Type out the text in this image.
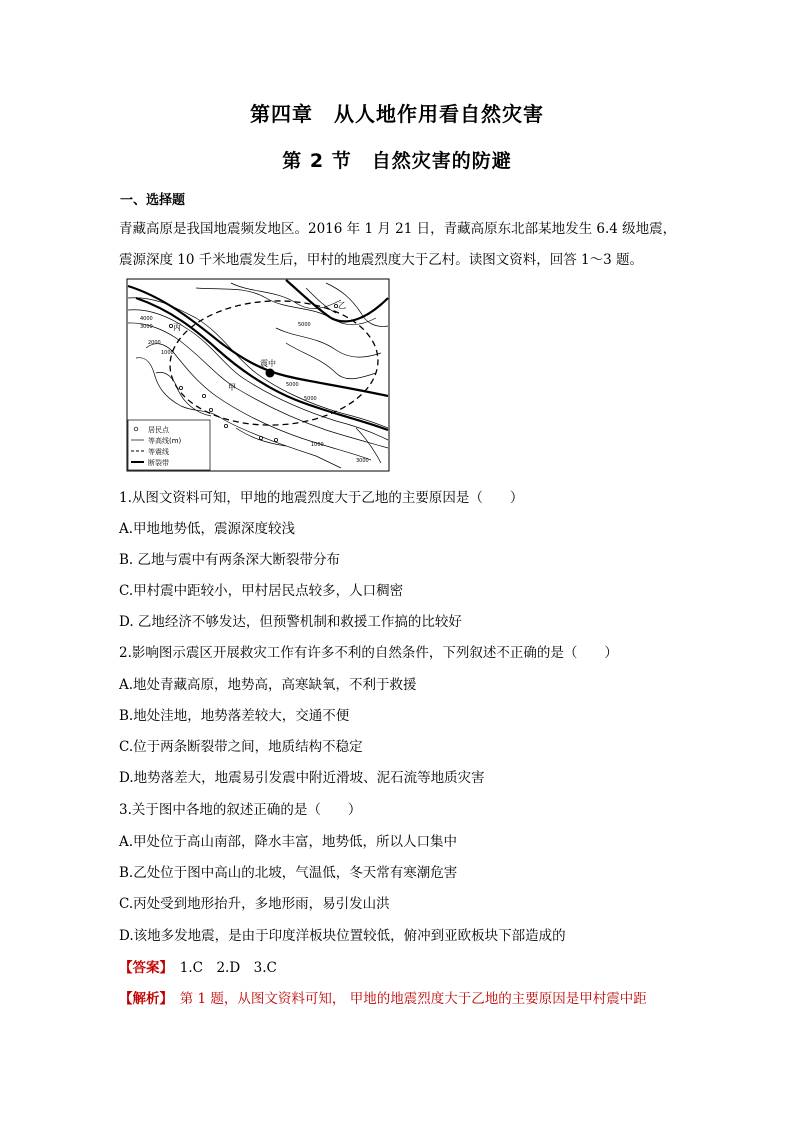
第四章　从人地作用看自然灾害
第 2 节　自然灾害的防避
一、选择题
青藏高原是我国地震频发地区。2016 年 1 月 21 日，青藏高原东北部某地发生 6.4 级地震，
震源深度 10 千米地震发生后，甲村的地震烈度大于乙村。读图文资料，回答 1～3 题。
乙
丙
甲
震中
4000
3000
2000
1000
5000
5000
5000
1000
3000
居民点
等高线(m)
等震线
断裂带
1.从图文资料可知，甲地的地震烈度大于乙地的主要原因是（　　）
A.甲地地势低，震源深度较浅
B. 乙地与震中有两条深大断裂带分布
C.甲村震中距较小，甲村居民点较多，人口稠密
D. 乙地经济不够发达，但预警机制和救援工作搞的比较好
2.影响图示震区开展救灾工作有许多不利的自然条件，下列叙述不正确的是（　　）
A.地处青藏高原，地势高，高寒缺氧，不利于救援
B.地处洼地，地势落差较大，交通不便
C.位于两条断裂带之间，地质结构不稳定
D.地势落差大，地震易引发震中附近滑坡、泥石流等地质灾害
3.关于图中各地的叙述正确的是（　　）
A.甲处位于高山南部，降水丰富，地势低，所以人口集中
B.乙处位于图中高山的北坡，气温低，冬天常有寒潮危害
C.丙处受到地形抬升，多地形雨，易引发山洪
D.该地多发地震，是由于印度洋板块位置较低，俯冲到亚欧板块下部造成的
【答案】　1.C　2.D　3.C
【解析】　第 1 题，从图文资料可知， 甲地的地震烈度大于乙地的主要原因是甲村震中距
